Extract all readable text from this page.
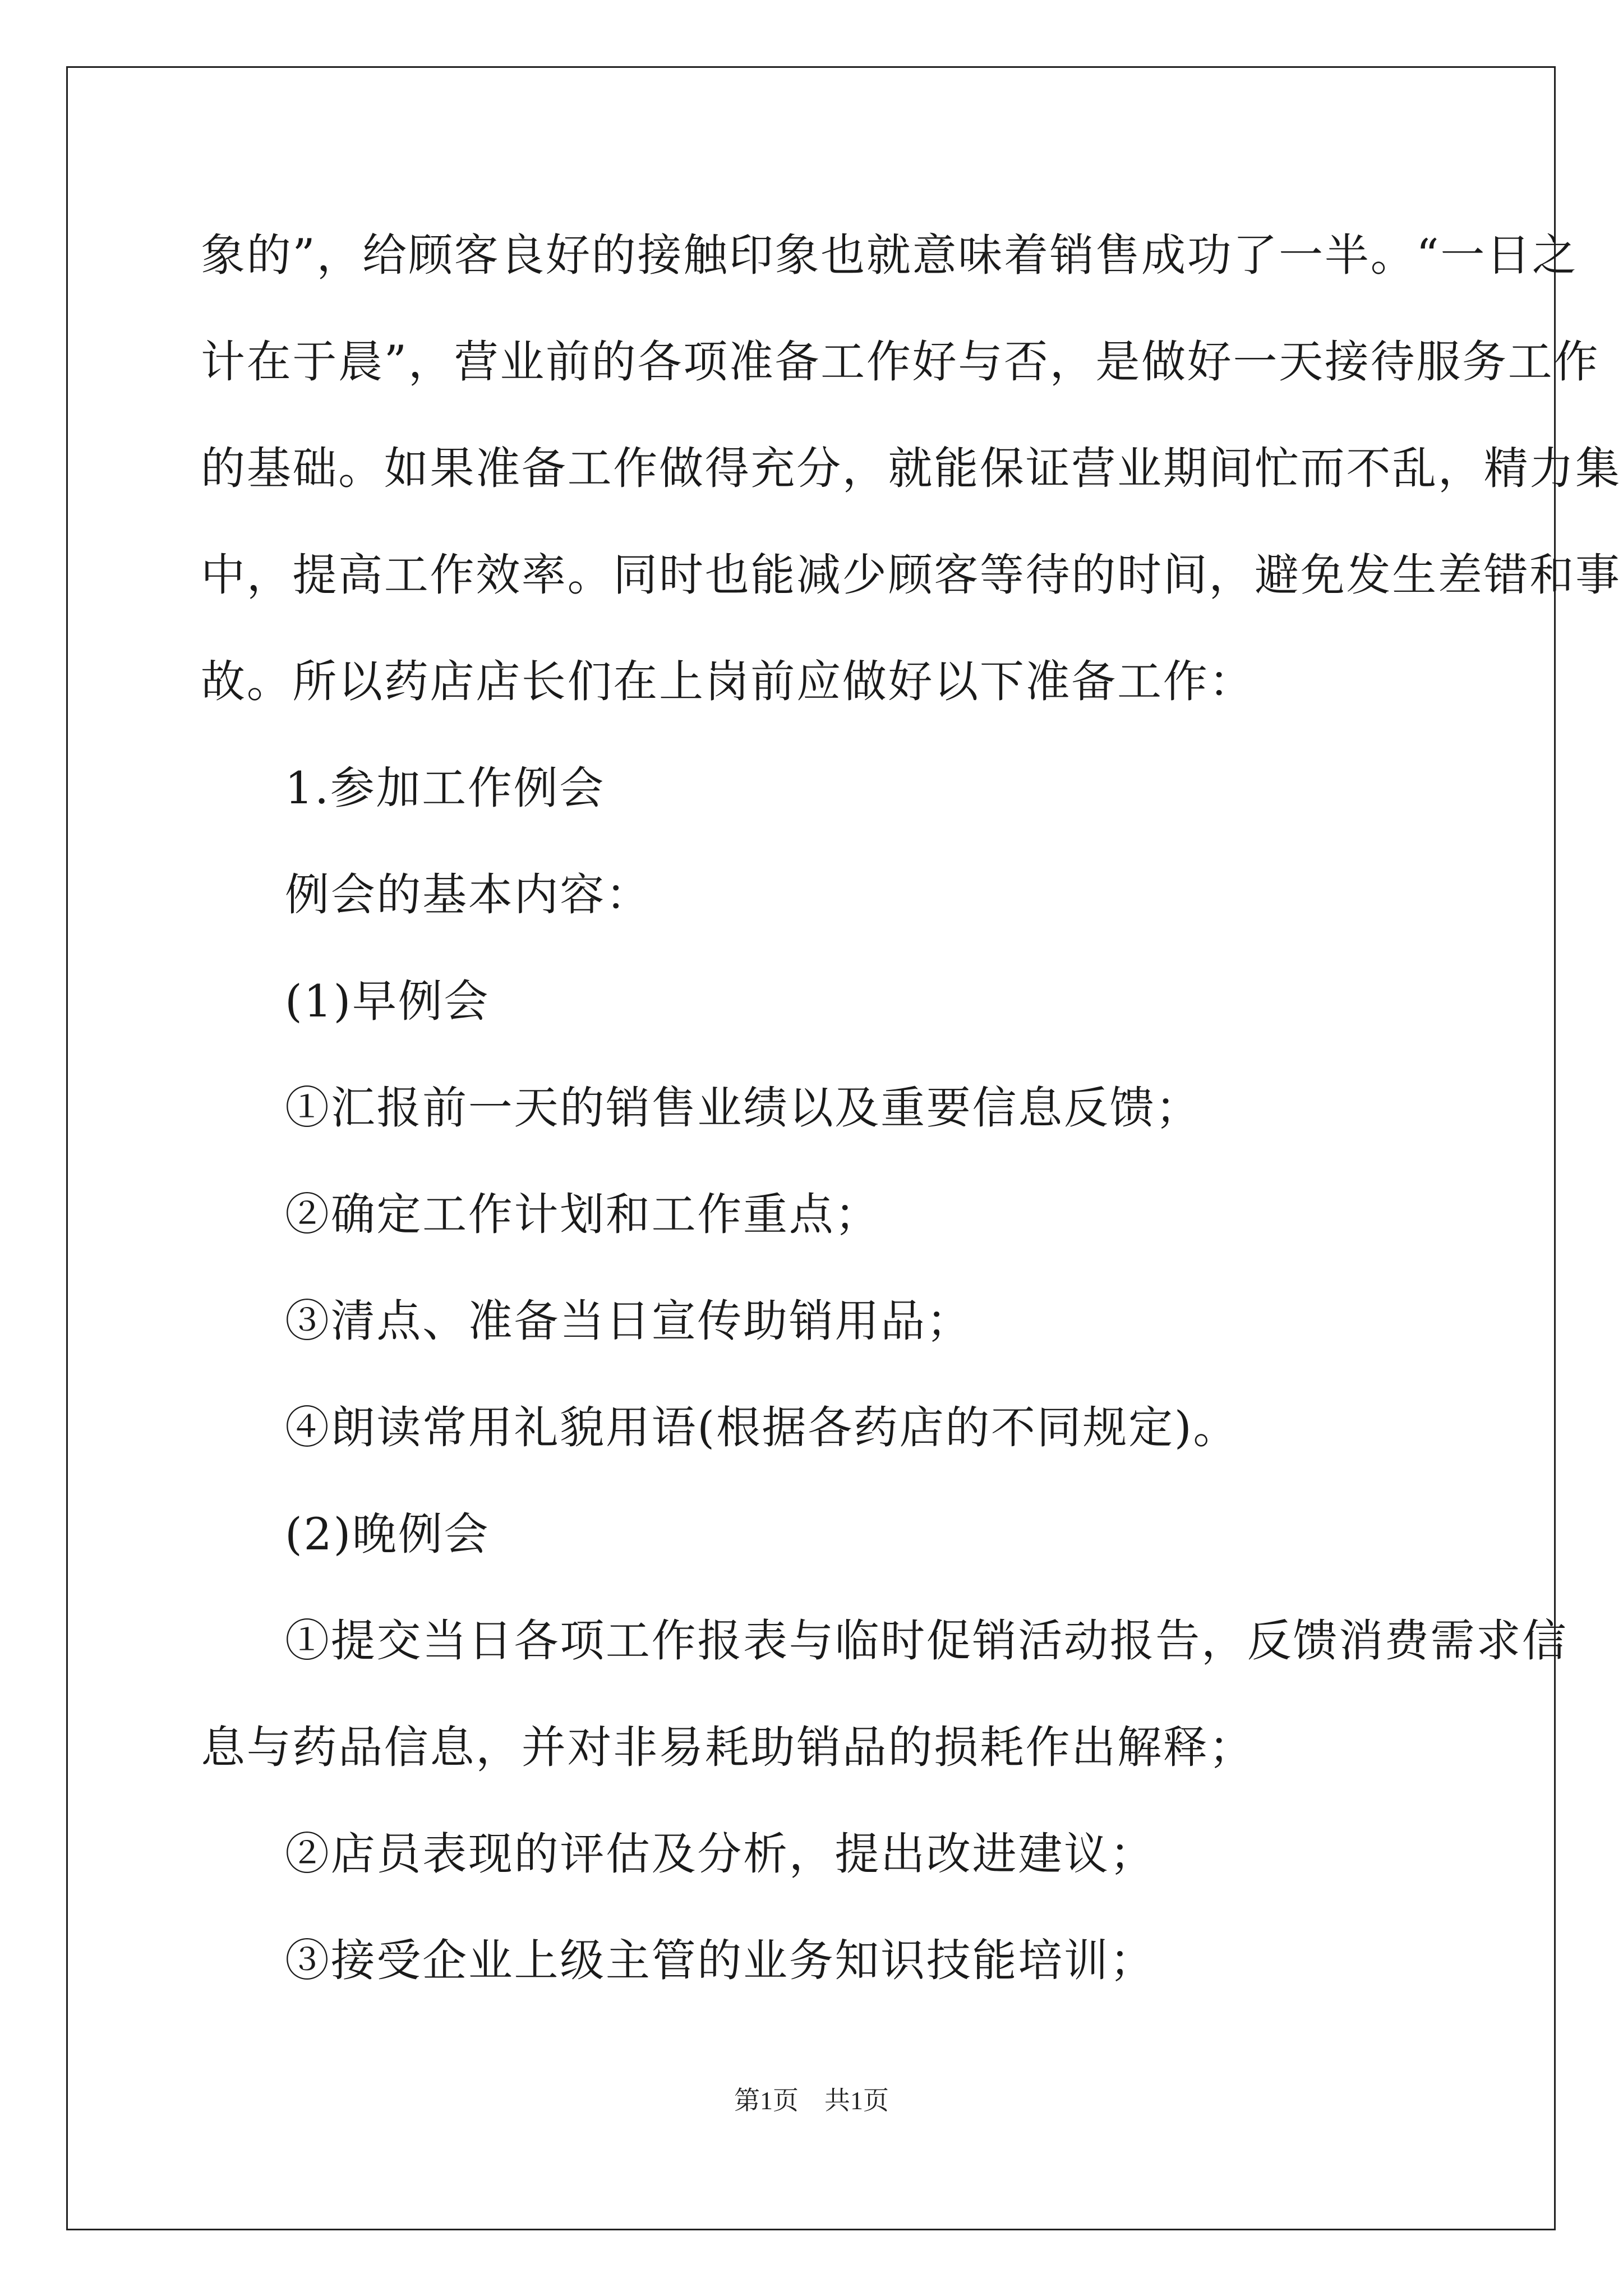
象的”，给顾客良好的接触印象也就意味着销售成功了一半。“一日之

计在于晨”，营业前的各项准备工作好与否，是做好一天接待服务工作

的基础。如果准备工作做得充分，就能保证营业期间忙而不乱，精力集

中，提高工作效率。同时也能减少顾客等待的时间，避免发生差错和事

故。所以药店店长们在上岗前应做好以下准备工作：

1.参加工作例会

例会的基本内容：

(1)早例会

①汇报前一天的销售业绩以及重要信息反馈；

②确定工作计划和工作重点；

③清点、准备当日宣传助销用品；

④朗读常用礼貌用语(根据各药店的不同规定)。

(2)晚例会

①提交当日各项工作报表与临时促销活动报告，反馈消费需求信

息与药品信息，并对非易耗助销品的损耗作出解释；

②店员表现的评估及分析，提出改进建议；

③接受企业上级主管的业务知识技能培训；

第1页　共1页
